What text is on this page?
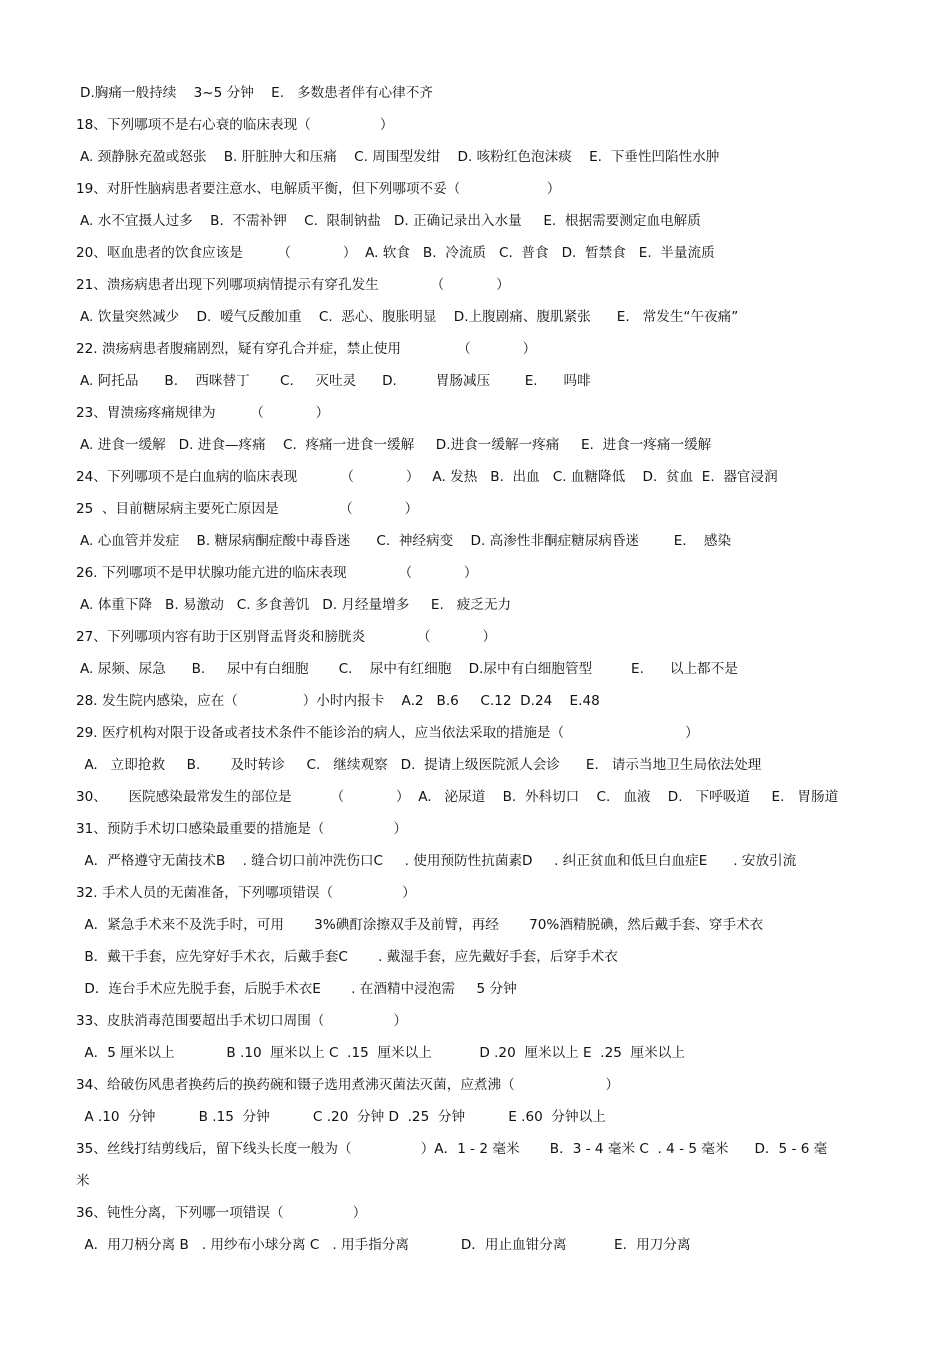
D.胸痛一般持续    3~5 分钟    E.   多数患者伴有心律不齐
18、下列哪项不是右心衰的临床表现（                ）
A. 颈静脉充盈或怒张    B. 肝脏肿大和压痛    C. 周围型发绀    D. 咳粉红色泡沫痰    E.  下垂性凹陷性水肿
19、对肝性脑病患者要注意水、电解质平衡，但下列哪项不妥（                    ）
A. 水不宜摄人过多    B.  不需补钾    C.  限制钠盐   D. 正确记录出入水量     E.  根据需要测定血电解质
20、呕血患者的饮食应该是        （            ）  A. 软食   B.  冷流质   C.  普食   D.  暂禁食   E.  半量流质
21、溃疡病患者出现下列哪项病情提示有穿孔发生            （            ）
A. 饮量突然减少    D.  嗳气反酸加重    C.  恶心、腹胀明显    D.上腹剧痛、腹肌紧张      E.   常发生“午夜痛”
22. 溃疡病患者腹痛剧烈，疑有穿孔合并症，禁止使用             （            ）
A. 阿托品      B.    西咪替丁       C.     灭吐灵      D.         胃肠减压        E.      吗啡
23、胃溃疡疼痛规律为        （            ）
A. 进食一缓解   D. 进食—疼痛    C.  疼痛一进食一缓解     D.进食一缓解一疼痛     E.  进食一疼痛一缓解
24、下列哪项不是白血病的临床表现          （            ）   A. 发热   B.  出血   C. 血糖降低    D.  贫血  E.  器官浸润
25  、目前糖尿病主要死亡原因是              （            ）
A. 心血管并发症    B. 糖尿病酮症酸中毒昏迷      C.  神经病变    D. 高渗性非酮症糖尿病昏迷        E.    感染
26. 下列哪项不是甲状腺功能亢进的临床表现            （            ）
A. 体重下降   B. 易激动   C. 多食善饥   D. 月经量增多     E.   疲乏无力
27、下列哪项内容有助于区别肾盂肾炎和膀胱炎            （            ）
A. 尿频、尿急      B.     尿中有白细胞       C.    尿中有红细胞    D.尿中有白细胞管型         E.      以上都不是
28. 发生院内感染，应在（               ）小时内报卡    A.2   B.6     C.12  D.24    E.48
29. 医疗机构对限于设备或者技术条件不能诊治的病人，应当依法采取的措施是（                            ）
A.   立即抢救     B.       及时转诊     C.   继续观察   D.  提请上级医院派人会诊      E.   请示当地卫生局依法处理
30、     医院感染最常发生的部位是         （            ）  A.   泌尿道    B.  外科切口    C.   血液    D.   下呼吸道     E.   胃肠道
31、预防手术切口感染最重要的措施是（                ）
A．严格遵守无菌技术B    . 缝合切口前冲洗伤口C     . 使用预防性抗菌素D     . 纠正贫血和低旦白血症E      . 安放引流
32. 手术人员的无菌准备，下列哪项错误（                ）
A．紧急手术来不及洗手时，可用       3%碘酊涂擦双手及前臂，再经       70%酒精脱碘，然后戴手套、穿手术衣
B．戴干手套，应先穿好手术衣，后戴手套C       . 戴湿手套，应先戴好手套，后穿手术衣
D．连台手术应先脱手套，后脱手术衣E       . 在酒精中浸泡需     5 分钟
33、皮肤消毒范围要超出手术切口周围（                ）
A．5 厘米以上            B .10  厘米以上 C  .15  厘米以上           D .20  厘米以上 E  .25  厘米以上
34、给破伤风患者换药后的换药碗和镊子选用煮沸灭菌法灭菌，应煮沸（                     ）
A .10  分钟          B .15  分钟          C .20  分钟 D  .25  分钟          E .60  分钟以上
35、丝线打结剪线后，留下线头长度一般为（                ）A．1 - 2 毫米       B．3 - 4 毫米 C  . 4 - 5 毫米      D．5 - 6 毫
米
36、钝性分离，下列哪一项错误（                ）
A．用刀柄分离 B   . 用纱布小球分离 C   . 用手指分离            D．用止血钳分离           E．用刀分离
